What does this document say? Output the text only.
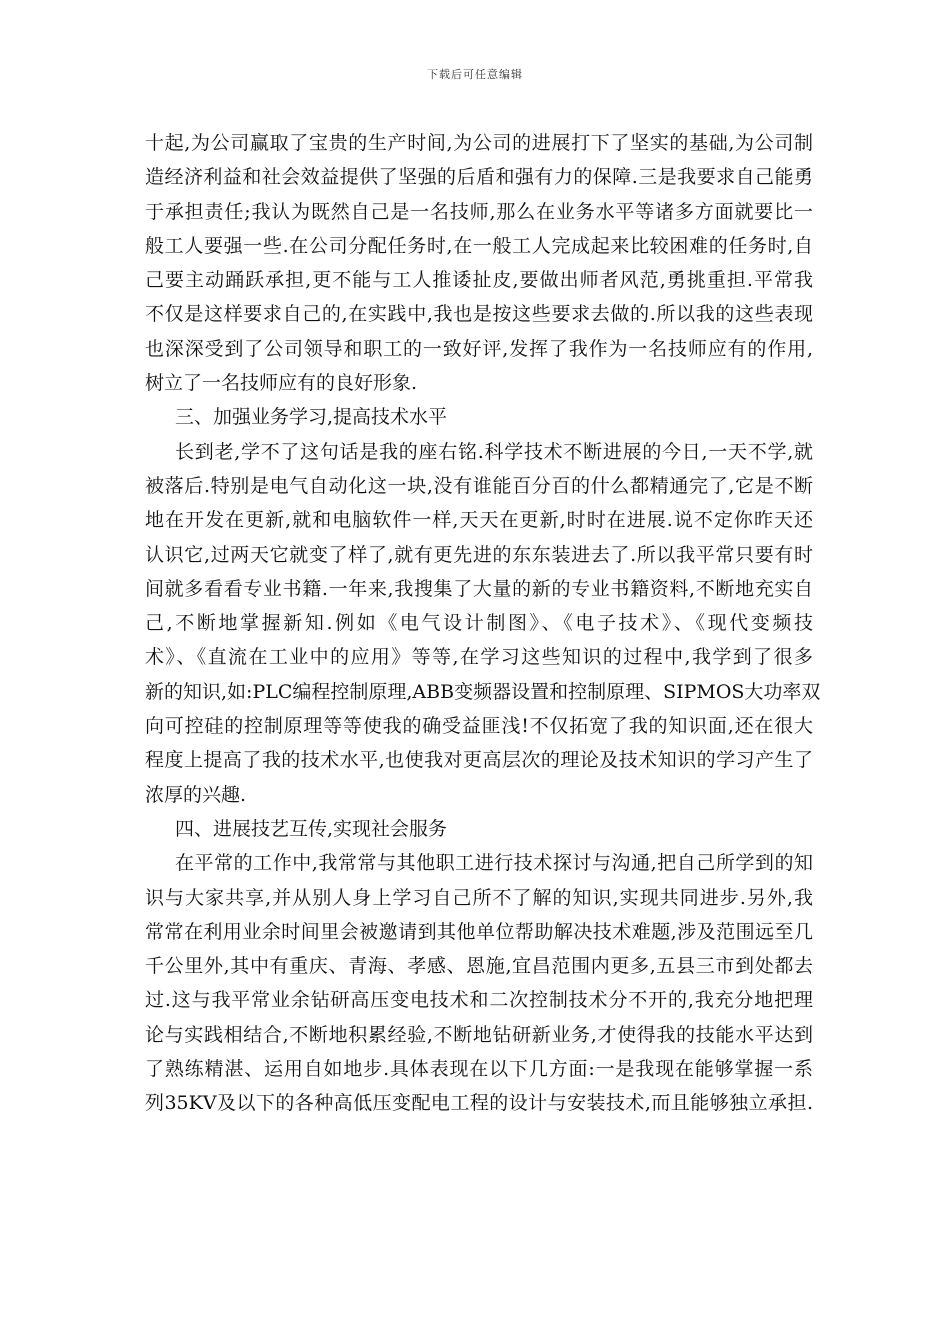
下载后可任意编辑
十起,为公司赢取了宝贵的生产时间,为公司的进展打下了坚实的基础,为公司制
造经济利益和社会效益提供了坚强的后盾和强有力的保障.三是我要求自己能勇
于承担责任;我认为既然自己是一名技师,那么在业务水平等诸多方面就要比一
般工人要强一些.在公司分配任务时,在一般工人完成起来比较困难的任务时,自
己要主动踊跃承担,更不能与工人推诿扯皮,要做出师者风范,勇挑重担.平常我
不仅是这样要求自己的,在实践中,我也是按这些要求去做的.所以我的这些表现
也深深受到了公司领导和职工的一致好评,发挥了我作为一名技师应有的作用,
树立了一名技师应有的良好形象.
三、加强业务学习,提高技术水平
长到老,学不了这句话是我的座右铭.科学技术不断进展的今日,一天不学,就
被落后.特别是电气自动化这一块,没有谁能百分百的什么都精通完了,它是不断
地在开发在更新,就和电脑软件一样,天天在更新,时时在进展.说不定你昨天还
认识它,过两天它就变了样了,就有更先进的东东装进去了.所以我平常只要有时
间就多看看专业书籍.一年来,我搜集了大量的新的专业书籍资料,不断地充实自
己,不断地掌握新知.例如《电气设计制图》、《电子技术》、《现代变频技
术》、《直流在工业中的应用》等等,在学习这些知识的过程中,我学到了很多
新的知识,如:PLC编程控制原理,ABB变频器设置和控制原理、SIPMOS大功率双
向可控硅的控制原理等等使我的确受益匪浅!不仅拓宽了我的知识面,还在很大
程度上提高了我的技术水平,也使我对更高层次的理论及技术知识的学习产生了
浓厚的兴趣.
四、进展技艺互传,实现社会服务
在平常的工作中,我常常与其他职工进行技术探讨与沟通,把自己所学到的知
识与大家共享,并从别人身上学习自己所不了解的知识,实现共同进步.另外,我
常常在利用业余时间里会被邀请到其他单位帮助解决技术难题,涉及范围远至几
千公里外,其中有重庆、青海、孝感、恩施,宜昌范围内更多,五县三市到处都去
过.这与我平常业余钻研高压变电技术和二次控制技术分不开的,我充分地把理
论与实践相结合,不断地积累经验,不断地钻研新业务,才使得我的技能水平达到
了熟练精湛、运用自如地步.具体表现在以下几方面:一是我现在能够掌握一系
列35KV及以下的各种高低压变配电工程的设计与安装技术,而且能够独立承担.
